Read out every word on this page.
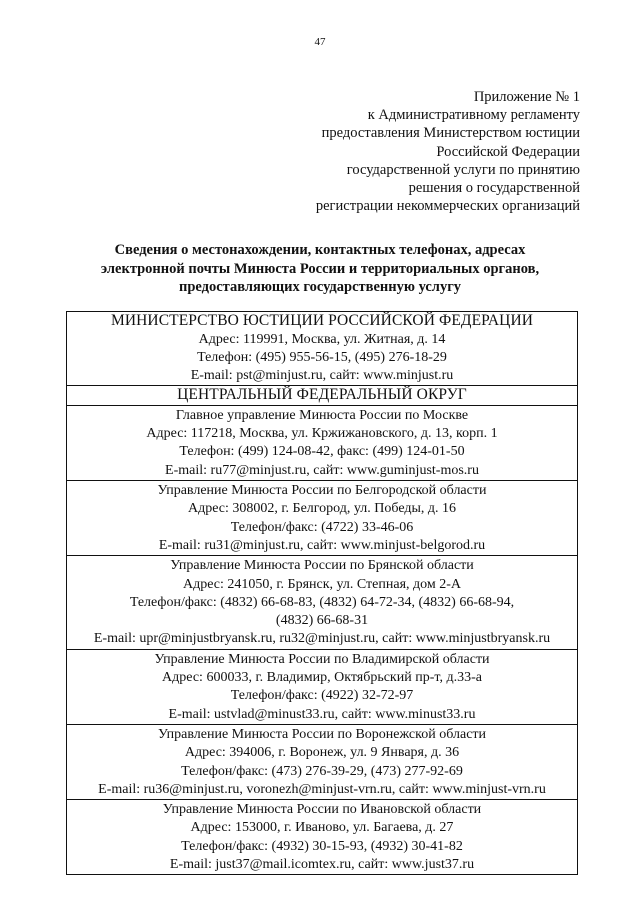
47
Приложение № 1
к Административному регламенту
предоставления Министерством юстиции
Российской Федерации
государственной услуги по принятию
решения о государственной
регистрации некоммерческих организаций
Сведения о местонахождении, контактных телефонах, адресах
электронной почты Минюста России и территориальных органов,
предоставляющих государственную услугу
МИНИСТЕРСТВО ЮСТИЦИИ РОССИЙСКОЙ ФЕДЕРАЦИИ
Адрес: 119991, Москва, ул. Житная, д. 14
Телефон: (495) 955-56-15, (495) 276-18-29
E-mail: pst@minjust.ru, сайт: www.minjust.ru
ЦЕНТРАЛЬНЫЙ ФЕДЕРАЛЬНЫЙ ОКРУГ
Главное управление Минюста России по Москве
Адрес: 117218, Москва, ул. Кржижановского, д. 13, корп. 1
Телефон: (499) 124-08-42, факс: (499) 124-01-50
E-mail: ru77@minjust.ru, сайт: www.guminjust-mos.ru
Управление Минюста России по Белгородской области
Адрес: 308002, г. Белгород, ул. Победы, д. 16
Телефон/факс: (4722) 33-46-06
E-mail: ru31@minjust.ru, сайт: www.minjust-belgorod.ru
Управление Минюста России по Брянской области
Адрес: 241050, г. Брянск, ул. Степная, дом 2-А
Телефон/факс: (4832) 66-68-83, (4832) 64-72-34, (4832) 66-68-94,
(4832) 66-68-31
E-mail: upr@minjustbryansk.ru, ru32@minjust.ru, сайт: www.minjustbryansk.ru
Управление Минюста России по Владимирской области
Адрес: 600033, г. Владимир, Октябрьский пр-т, д.33-а
Телефон/факс: (4922) 32-72-97
E-mail: ustvlad@minust33.ru, сайт: www.minust33.ru
Управление Минюста России по Воронежской области
Адрес: 394006, г. Воронеж, ул. 9 Января, д. 36
Телефон/факс: (473) 276-39-29, (473) 277-92-69
E-mail: ru36@minjust.ru, voronezh@minjust-vrn.ru, сайт: www.minjust-vrn.ru
Управление Минюста России по Ивановской области
Адрес: 153000, г. Иваново, ул. Багаева, д. 27
Телефон/факс: (4932) 30-15-93, (4932) 30-41-82
E-mail: just37@mail.icomtex.ru, сайт: www.just37.ru
